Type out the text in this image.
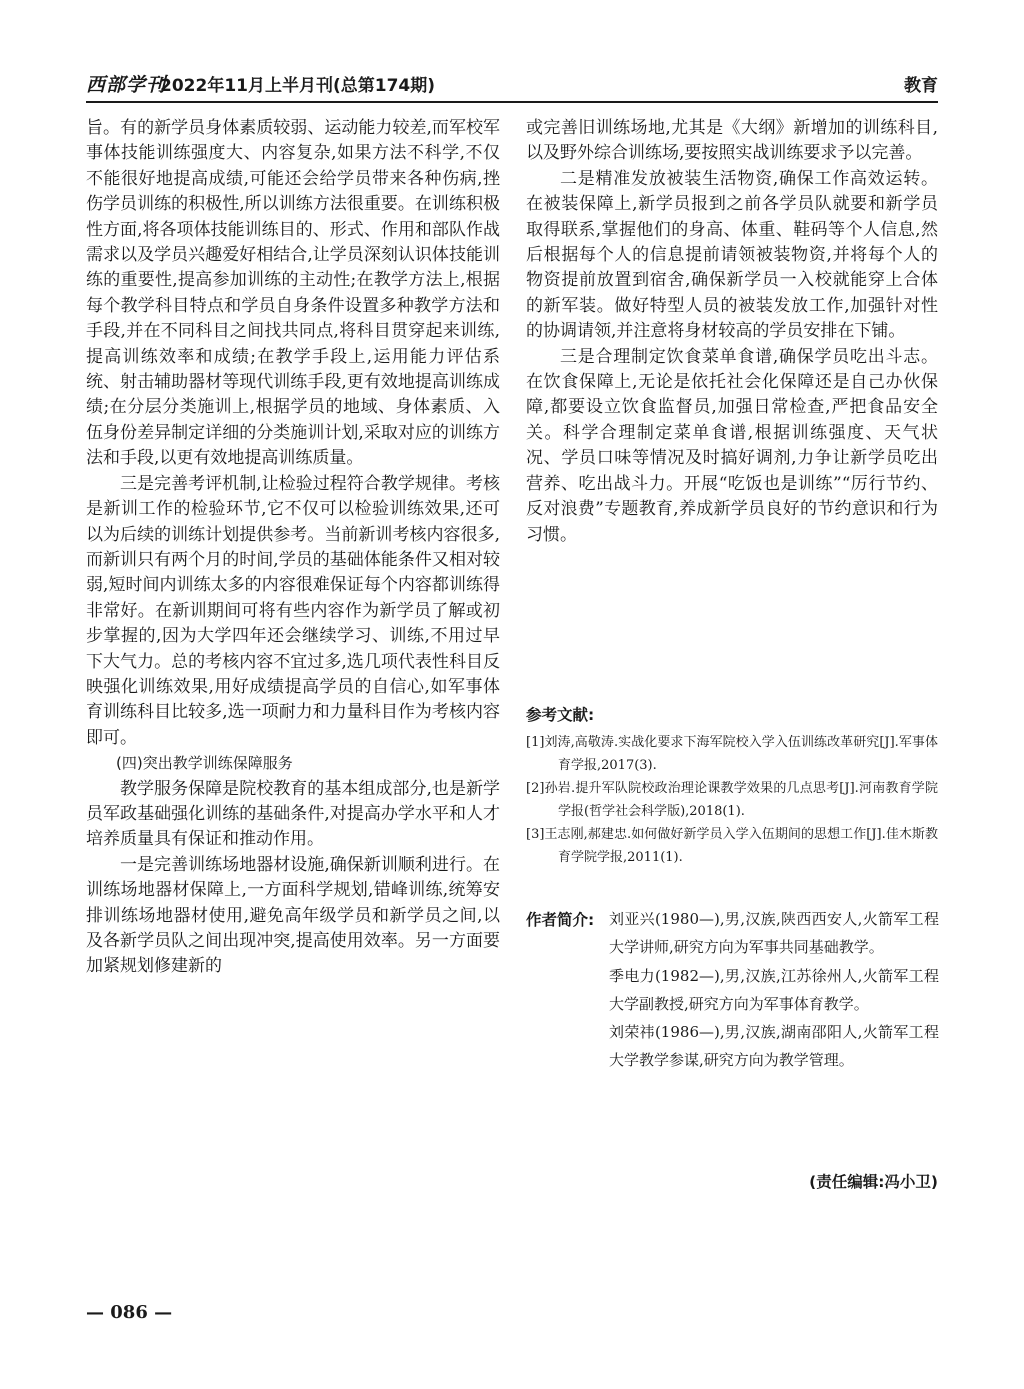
西部学刊
2022年11月上半月刊(总第174期)	教育

旨。有的新学员身体素质较弱、运动能力较差,而军校军事体技能训练强度大、内容复杂,如果方法不科学,不仅不能很好地提高成绩,可能还会给学员带来各种伤病,挫伤学员训练的积极性,所以训练方法很重要。在训练积极性方面,将各项体技能训练目的、形式、作用和部队作战需求以及学员兴趣爱好相结合,让学员深刻认识体技能训练的重要性,提高参加训练的主动性;在教学方法上,根据每个教学科目特点和学员自身条件设置多种教学方法和手段,并在不同科目之间找共同点,将科目贯穿起来训练,提高训练效率和成绩;在教学手段上,运用能力评估系统、射击辅助器材等现代训练手段,更有效地提高训练成绩;在分层分类施训上,根据学员的地域、身体素质、入伍身份差异制定详细的分类施训计划,采取对应的训练方法和手段,以更有效地提高训练质量。

三是完善考评机制,让检验过程符合教学规律。考核是新训工作的检验环节,它不仅可以检验训练效果,还可以为后续的训练计划提供参考。当前新训考核内容很多,而新训只有两个月的时间,学员的基础体能条件又相对较弱,短时间内训练太多的内容很难保证每个内容都训练得非常好。在新训期间可将有些内容作为新学员了解或初步掌握的,因为大学四年还会继续学习、训练,不用过早下大气力。总的考核内容不宜过多,选几项代表性科目反映强化训练效果,用好成绩提高学员的自信心,如军事体育训练科目比较多,选一项耐力和力量科目作为考核内容即可。

(四)突出教学训练保障服务

教学服务保障是院校教育的基本组成部分,也是新学员军政基础强化训练的基础条件,对提高办学水平和人才培养质量具有保证和推动作用。

一是完善训练场地器材设施,确保新训顺利进行。在训练场地器材保障上,一方面科学规划,错峰训练,统筹安排训练场地器材使用,避免高年级学员和新学员之间,以及各新学员队之间出现冲突,提高使用效率。另一方面要加紧规划修建新的

或完善旧训练场地,尤其是《大纲》新增加的训练科目,以及野外综合训练场,要按照实战训练要求予以完善。

二是精准发放被装生活物资,确保工作高效运转。在被装保障上,新学员报到之前各学员队就要和新学员取得联系,掌握他们的身高、体重、鞋码等个人信息,然后根据每个人的信息提前请领被装物资,并将每个人的物资提前放置到宿舍,确保新学员一入校就能穿上合体的新军装。做好特型人员的被装发放工作,加强针对性的协调请领,并注意将身材较高的学员安排在下铺。

三是合理制定饮食菜单食谱,确保学员吃出斗志。在饮食保障上,无论是依托社会化保障还是自己办伙保障,都要设立饮食监督员,加强日常检查,严把食品安全关。科学合理制定菜单食谱,根据训练强度、天气状况、学员口味等情况及时搞好调剂,力争让新学员吃出营养、吃出战斗力。开展“吃饭也是训练”“厉行节约、反对浪费”专题教育,养成新学员良好的节约意识和行为习惯。

参考文献:
[1]刘涛,高敬涛.实战化要求下海军院校入学入伍训练改革研究[J].军事体育学报,2017(3).
[2]孙岩.提升军队院校政治理论课教学效果的几点思考[J].河南教育学院学报(哲学社会科学版),2018(1).
[3]王志刚,郝建忠.如何做好新学员入学入伍期间的思想工作[J].佳木斯教育学院学报,2011(1).
作者简介: 刘亚兴(1980—),男,汉族,陕西西安人,火箭军工程大学讲师,研究方向为军事共同基础教学。

季电力(1982—),男,汉族,江苏徐州人,火箭军工程大学副教授,研究方向为军事体育教学。

刘荣祎(1986—),男,汉族,湖南邵阳人,火箭军工程大学教学参谋,研究方向为教学管理。

(责任编辑:冯小卫)
— 086 —
